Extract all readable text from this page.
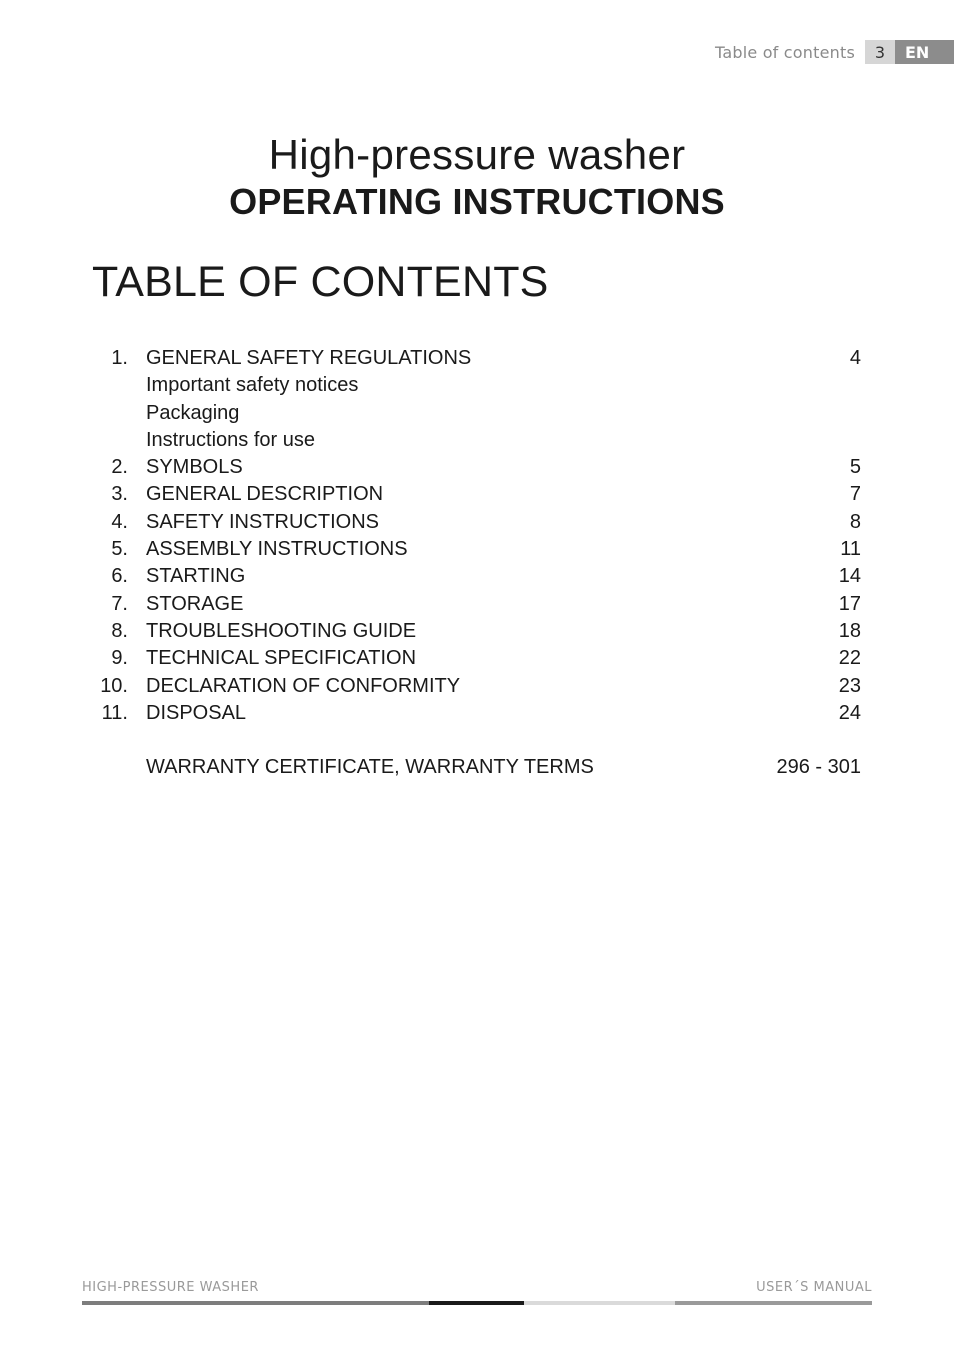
Table of contents	3	EN
High-pressure washer
OPERATING INSTRUCTIONS
TABLE OF CONTENTS
1. GENERAL SAFETY REGULATIONS	4
Important safety notices
Packaging
Instructions for use
2. SYMBOLS	5
3. GENERAL DESCRIPTION	7
4. SAFETY INSTRUCTIONS	8
5. ASSEMBLY INSTRUCTIONS	11
6. STARTING	14
7. STORAGE	17
8. TROUBLESHOOTING GUIDE	18
9. TECHNICAL SPECIFICATION	22
10. DECLARATION OF CONFORMITY	23
11. DISPOSAL	24
WARRANTY CERTIFICATE, WARRANTY TERMS	296 - 301
HIGH-PRESSURE WASHER	USER´S MANUAL
